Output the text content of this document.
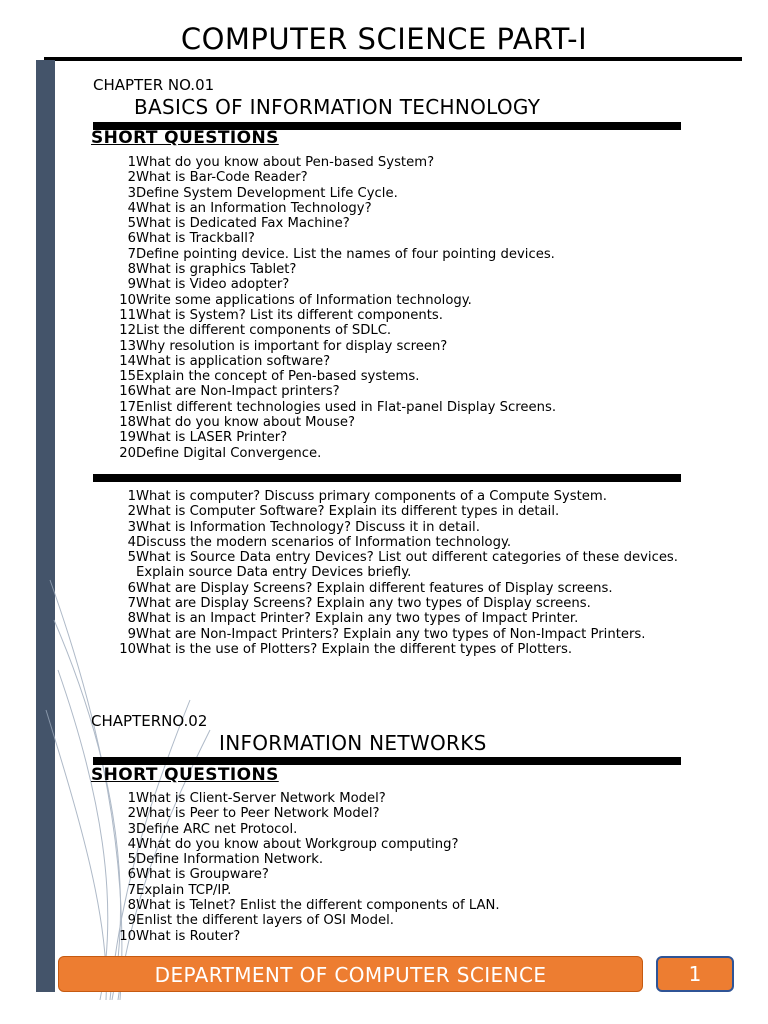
COMPUTER SCIENCE PART-I
CHAPTER NO.01
BASICS OF INFORMATION TECHNOLOGY
SHORT QUESTIONS
1 What do you know about Pen-based System?
2 What is Bar-Code Reader?
3 Define System Development Life Cycle.
4 What is an Information Technology?
5 What is Dedicated Fax Machine?
6 What is Trackball?
7 Define pointing device. List the names of four pointing devices.
8 What is graphics Tablet?
9 What is Video adopter?
10 Write some applications of Information technology.
11 What is System? List its different components.
12 List the different components of SDLC.
13 Why resolution is important for display screen?
14 What is application software?
15 Explain the concept of Pen-based systems.
16 What are Non-Impact printers?
17 Enlist different technologies used in Flat-panel Display Screens.
18 What do you know about Mouse?
19 What is LASER Printer?
20 Define Digital Convergence.
1 What is computer? Discuss primary components of a Compute System.
2 What is Computer Software? Explain its different types in detail.
3 What is Information Technology? Discuss it in detail.
4 Discuss the modern scenarios of Information technology.
5 What is Source Data entry Devices? List out different categories of these devices. Explain source Data entry Devices briefly.
6 What are Display Screens? Explain different features of Display screens.
7 What are Display Screens? Explain any two types of Display screens.
8 What is an Impact Printer? Explain any two types of Impact Printer.
9 What are Non-Impact Printers? Explain any two types of Non-Impact Printers.
10 What is the use of Plotters? Explain the different types of Plotters.
CHAPTERNO.02
INFORMATION NETWORKS
SHORT QUESTIONS
1 What is Client-Server Network Model?
2 What is Peer to Peer Network Model?
3 Define ARC net Protocol.
4 What do you know about Workgroup computing?
5 Define Information Network.
6 What is Groupware?
7 Explain TCP/IP.
8 What is Telnet? Enlist the different components of LAN.
9 Enlist the different layers of OSI Model.
10 What is Router?
DEPARTMENT OF COMPUTER SCIENCE	1
